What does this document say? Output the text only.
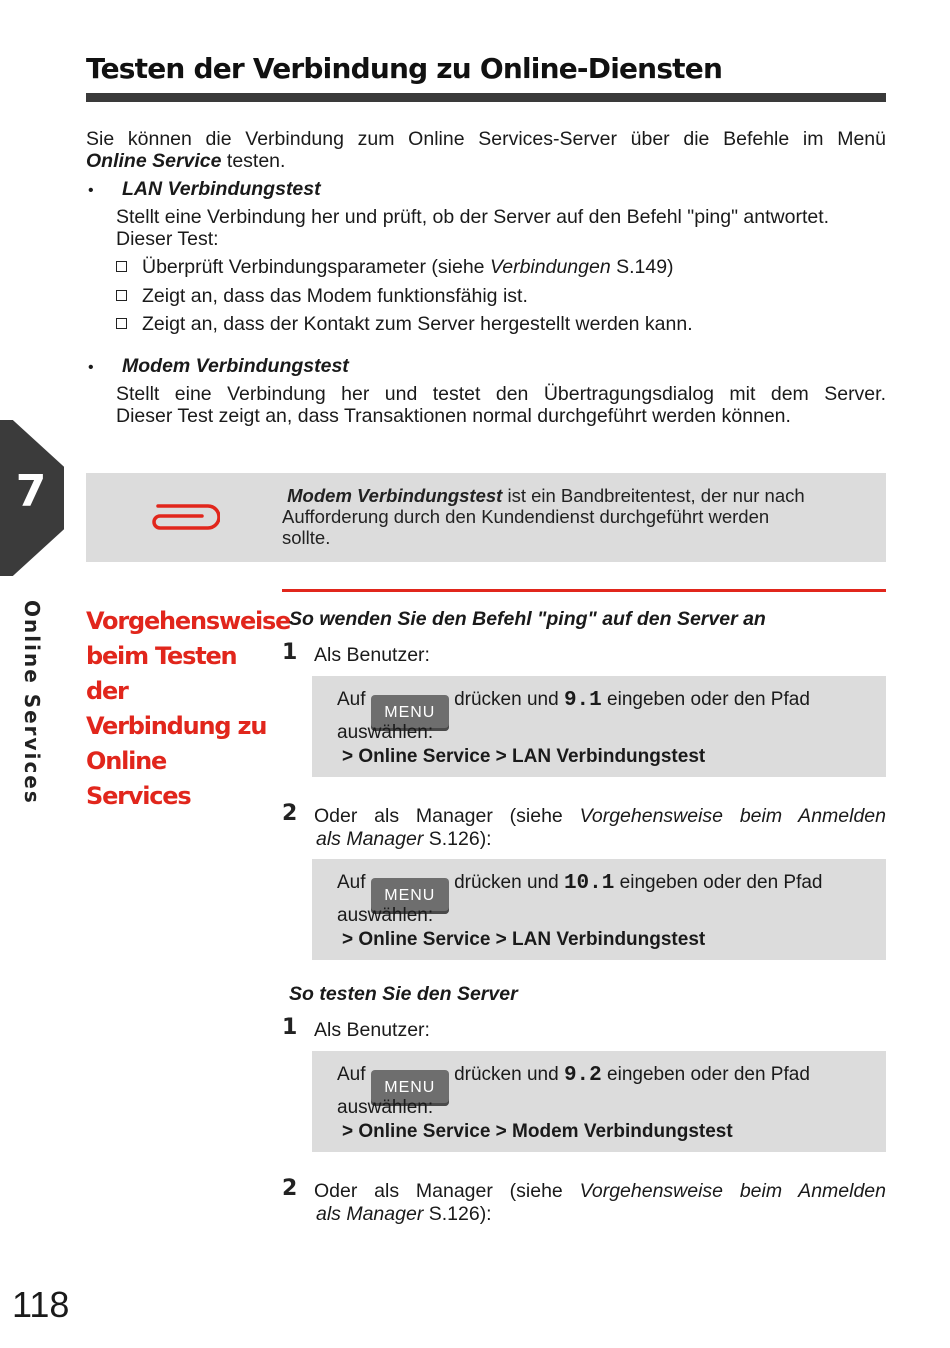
Testen der Verbindung zu Online-Diensten
7
Online Services
Sie können die Verbindung zum Online Services-Server über die Befehle im Menü
Online Service testen.
• LAN Verbindungstest
Stellt eine Verbindung her und prüft, ob der Server auf den Befehl "ping" antwortet.
Dieser Test:
Überprüft Verbindungsparameter (siehe Verbindungen S.149)
Zeigt an, dass das Modem funktionsfähig ist.
Zeigt an, dass der Kontakt zum Server hergestellt werden kann.
• Modem Verbindungstest
Stellt eine Verbindung her und testet den Übertragungsdialog mit dem Server.
Dieser Test zeigt an, dass Transaktionen normal durchgeführt werden können.
Modem Verbindungstest ist ein Bandbreitentest, der nur nach
Aufforderung durch den Kundendienst durchgeführt werden
sollte.
Vorgehensweise
beim Testen der
Verbindung zu
Online Services
So wenden Sie den Befehl "ping" auf den Server an
1 Als Benutzer:
Auf MENU drücken und 9.1 eingeben oder den Pfad
auswählen:
> Online Service > LAN Verbindungstest
2 Oder als Manager (siehe Vorgehensweise beim Anmelden
als Manager S.126):
Auf MENU drücken und 10.1 eingeben oder den Pfad
auswählen:
> Online Service > LAN Verbindungstest
So testen Sie den Server
1 Als Benutzer:
Auf MENU drücken und 9.2 eingeben oder den Pfad
auswählen:
> Online Service > Modem Verbindungstest
2 Oder als Manager (siehe Vorgehensweise beim Anmelden
als Manager S.126):
118
